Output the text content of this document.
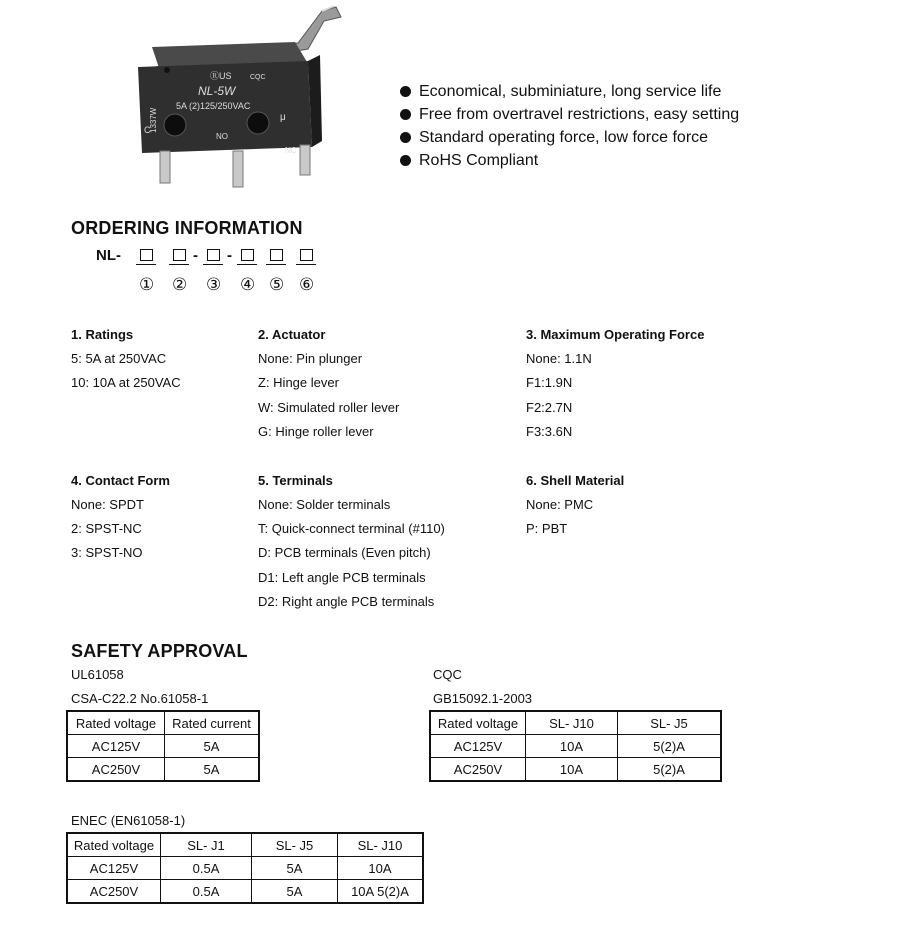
1337W
C
ⓇUS	CQC
NL-5W
5A (2)125/250VAC
μ
NO
NC
Economical, subminiature, long service life
Free from overtravel restrictions, easy setting
Standard operating force, low force force
RoHS Compliant
ORDERING INFORMATION
NL-	- -
① ② ③ ④ ⑤ ⑥
1. Ratings
5: 5A at 250VAC
10: 10A at 250VAC
2. Actuator
None: Pin plunger
Z: Hinge lever
W: Simulated roller lever
G: Hinge roller lever
3. Maximum Operating Force
None: 1.1N
F1:1.9N
F2:2.7N
F3:3.6N
4. Contact Form
None: SPDT
2: SPST-NC
3: SPST-NO
5. Terminals
None: Solder terminals
T: Quick-connect terminal (#110)
D: PCB terminals (Even pitch)
D1: Left angle PCB terminals
D2: Right angle PCB terminals
6. Shell Material
None: PMC
P: PBT
SAFETY APPROVAL
UL61058
CSA-C22.2 No.61058-1
Rated voltage	Rated current
AC125V	5A
AC250V	5A
CQC
GB15092.1-2003
Rated voltage	SL- J10	SL- J5
AC125V	10A	5(2)A
AC250V	10A	5(2)A
ENEC (EN61058-1)
Rated voltage	SL- J1	SL- J5	SL- J10
AC125V	0.5A	5A	10A
AC250V	0.5A	5A	10A 5(2)A
